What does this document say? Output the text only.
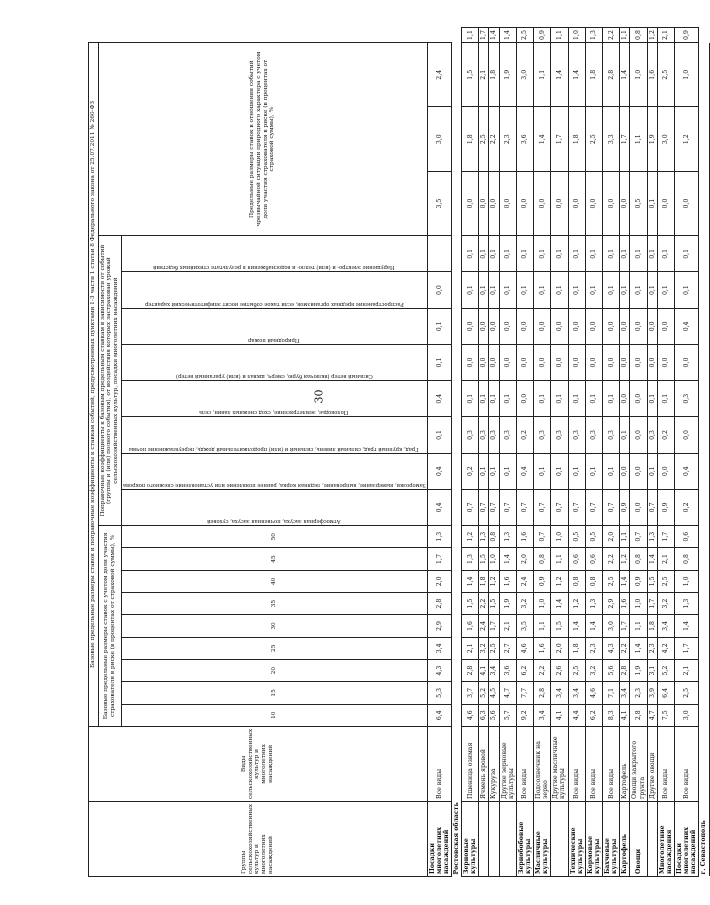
30
Группы сельскохозяйственных культур и многолетних насаждений	Виды сельскохозяйственных культур и многолетних насаждений	Базовые предельные размеры ставок и поправочные коэффициенты к ставкам событий, предусмотренных пунктами 1-3 части 1 статьи 8 Федерального закона от 25.07.2011 № 260-ФЗ																				
		Базовые предельные размеры ставок с учетом доли участия страхователя в риске (в процентах от страховой суммы), %									Поправочные коэффициенты к базовым предельным ставкам в зависимости от событий (группы и (или) полного события), от воздействия которых застрахован урожай сельскохозяйственных культур, посадки многолетних насаждений								Предельные размеры ставок в отношении событий чрезвычайной ситуации природного характера с учетом доли участия страхователя в риске (в процентах от страховой суммы), %			
		10	15	20	25	30	35	40	45	50	Атмосферная засуха, почвенная засуха, суховей	Заморозки, вымерзание, выпревание, ледяная корка, раннее появление или установление снежного покрова	Град, крупный град, сильный ливень, сильный и (или) продолжительный дождь, переувлажнение почвы	Половодье, землетрясение, сход снежных лавин, сель	Сильный ветер (включая бурю, смерч, шквал и (или) ураганный ветер)	Природный пожар	Распространение вредных организмов, если такое событие носит эпифитотический характер	Нарушение электро- и (или) тепло- и водоснабжения в результате стихийных бедствий				

Посадки многолетних насаждений	Все виды	6,4	5,3	4,3	3,4	2,9	2,8	2,0	1,7	1,3	0,4	0,4	0,1	0,4	0,1	0,1	0,0		3,5	3,0	2,4	
Ростовская область																						
Зерновые культуры	Пшеница озимая	4,6	3,7	2,8	2,1	1,6	1,5	1,4	1,3	1,2	0,7	0,2	0,3	0,1	0,0	0,0	0,1	0,1	0,0	1,8	1,5	1,1
	Ячмень яровой	6,3	5,2	4,1	3,2	2,4	2,2	1,8	1,5	1,3	0,7	0,1	0,3	0,1	0,0	0,0	0,1	0,1	0,0	2,5	2,1	1,7
	Кукуруза	5,6	4,5	3,4	2,5	1,7	1,5	1,2	1,0	0,8	0,7	0,1	0,3	0,1	0,0	0,0	0,1	0,1	0,0	2,2	1,8	1,4
	Другие зерновые культуры	5,7	4,7	3,6	2,7	2,1	1,9	1,6	1,4	1,3	0,7	0,1	0,3	0,1	0,0	0,0	0,1	0,1	0,0	2,3	1,9	1,4
Зернобобовые культуры	Все виды	9,2	7,7	6,2	4,6	3,5	3,2	2,4	2,0	1,6	0,7	0,4	0,2	0,0	0,0	0,0	0,1	0,1	0,0	3,6	3,0	2,5
Масличные культуры	Подсолнечник на зерно	3,4	2,8	2,2	1,6	1,1	1,0	0,9	0,8	0,7	0,7	0,1	0,3	0,1	0,0	0,0	0,1	0,1	0,0	1,4	1,1	0,9
	Другие масличные культуры	4,1	3,4	2,6	2,0	1,5	1,4	1,2	1,1	1,0	0,7	0,1	0,3	0,1	0,0	0,0	0,1	0,1	0,0	1,7	1,4	1,1
Технические культуры	Все виды	4,4	3,4	2,5	1,8	1,4	1,2	0,8	0,6	0,5	0,7	0,1	0,3	0,1	0,0	0,0	0,1	0,1	0,0	1,8	1,4	1,0
Кормовые культуры	Все виды	6,2	4,6	3,2	2,3	1,4	1,3	0,8	0,6	0,5	0,7	0,1	0,3	0,1	0,0	0,0	0,1	0,1	0,0	2,5	1,8	1,3
Бахчевые культуры	Все виды	8,3	7,1	5,6	4,3	3,0	2,9	2,5	2,2	2,0	0,7	0,1	0,3	0,1	0,0	0,0	0,1	0,1	0,0	3,3	2,8	2,2
Картофель	Картофель	4,1	3,4	2,8	2,2	1,7	1,6	1,4	1,2	1,1	0,9	0,0	0,1	0,0	0,0	0,0	0,1	0,1	0,0	1,7	1,4	1,1
Овощи	Овощи закрытого грунта	2,8	2,3	1,9	1,4	1,1	1,0	0,9	0,8	0,7	0,0	0,0	0,0	0,0	0,0	0,0	0,1	0,1	0,5	1,1	1,0	0,8
	Другие овощи	4,7	3,9	3,1	2,3	1,8	1,7	1,5	1,4	1,3	0,7	0,1	0,3	0,1	0,0	0,0	0,1	0,1	0,1	1,9	1,6	1,2
Многолетние насаждения	Все виды	7,5	6,4	5,2	4,2	3,4	3,2	2,5	2,1	1,7	0,9	0,0	0,2	0,1	0,0	0,0	0,1	0,1	0,0	3,0	2,5	2,1
Посадки многолетних насаждений	Все виды	3,0	2,5	2,1	1,7	1,4	1,3	1,0	0,8	0,6	0,2	0,4	0,0	0,3	0,0	0,4	0,1	0,1	0,0	1,2	1,0	0,9
г. Севастополь																						
